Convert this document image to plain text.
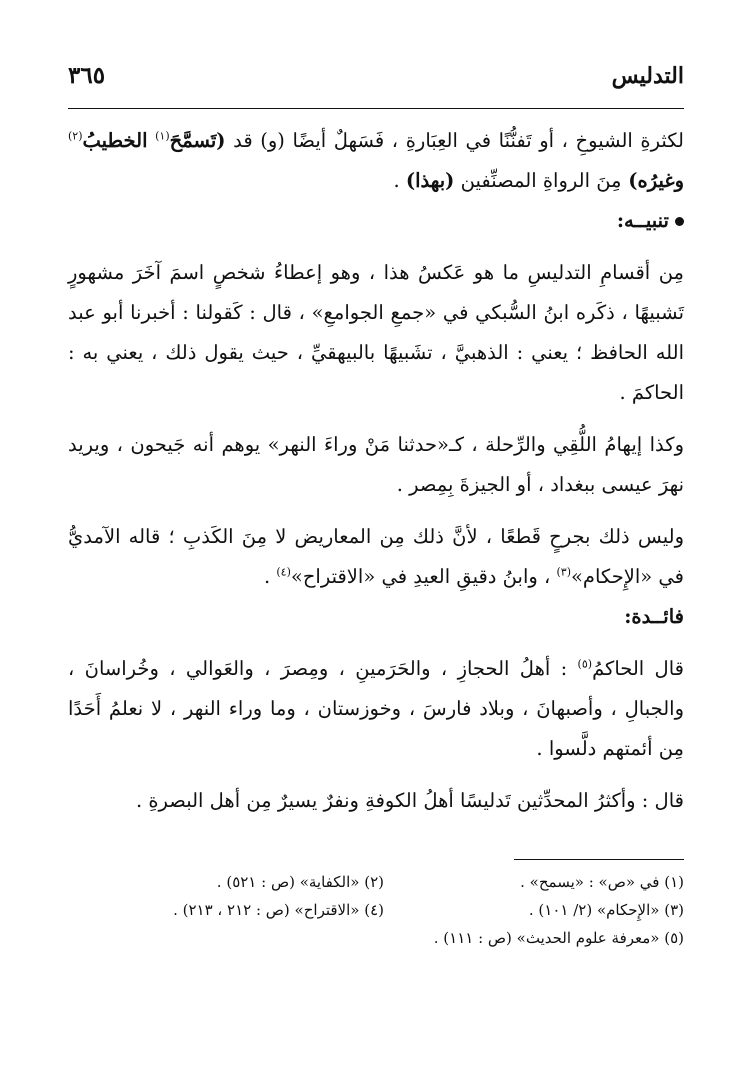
التدليس
٣٦٥

لكثرةِ الشيوخِ ، أو تَفنُّنًا في العِبَارةِ ، فَسَهلٌ أيضًا (و) قد (تَسمَّحَ$^{(١)}$ الخطيبُ$^{(٢)}$ وغيرُه) مِنَ الرواةِ المصنِّفين (بهذا) .

تنبيــه:

مِن أقسامِ التدليسِ ما هو عَكسُ هذا ، وهو إعطاءُ شخصٍ اسمَ آخَرَ مشهورٍ تَشبيهًا ، ذكَره ابنُ السُّبكي في «جمعِ الجوامعِ» ، قال : كَقولنا : أخبرنا أبو عبد الله الحافظ ؛ يعني : الذهبيَّ ، تشَبيهًا بالبيهقيِّ ، حيث يقول ذلك ، يعني به : الحاكمَ .

وكذا إيهامُ اللُّقِي والرِّحلة ، كـ«حدثنا مَنْ وراءَ النهر» يوهم أنه جَيحون ، ويريد نهرَ عيسى ببغداد ، أو الجيزةَ بِمِصر .

وليس ذلك بجرحٍ قَطعًا ، لأنَّ ذلك مِن المعاريض لا مِنَ الكَذبِ ؛ قاله الآمديُّ في «الإِحكام»$^{(٣)}$ ، وابنُ دقيقِ العيدِ في «الاقتراح»$^{(٤)}$ .

فائــدة:

قال الحاكمُ$^{(٥)}$ : أهلُ الحجازِ ، والحَرَمينِ ، ومِصرَ ، والعَوالي ، وخُراسانَ ، والجبالِ ، وأصبهانَ ، وبلاد فارسَ ، وخوزستان ، وما وراء النهر ، لا نعلمُ أَحَدًا مِن أئمتهم دلَّسوا .

قال : وأكثرُ المحدِّثين تَدليسًا أهلُ الكوفةِ ونفرٌ يسيرٌ مِن أهل البصرةِ .

(١) في «ص» : «يسمح» .
(٢) «الكفاية» (ص : ٥٢١) .
(٣) «الإِحكام» (٢/ ١٠١) .
(٤) «الاقتراح» (ص : ٢١٢ ، ٢١٣) .
(٥) «معرفة علوم الحديث» (ص : ١١١) .
